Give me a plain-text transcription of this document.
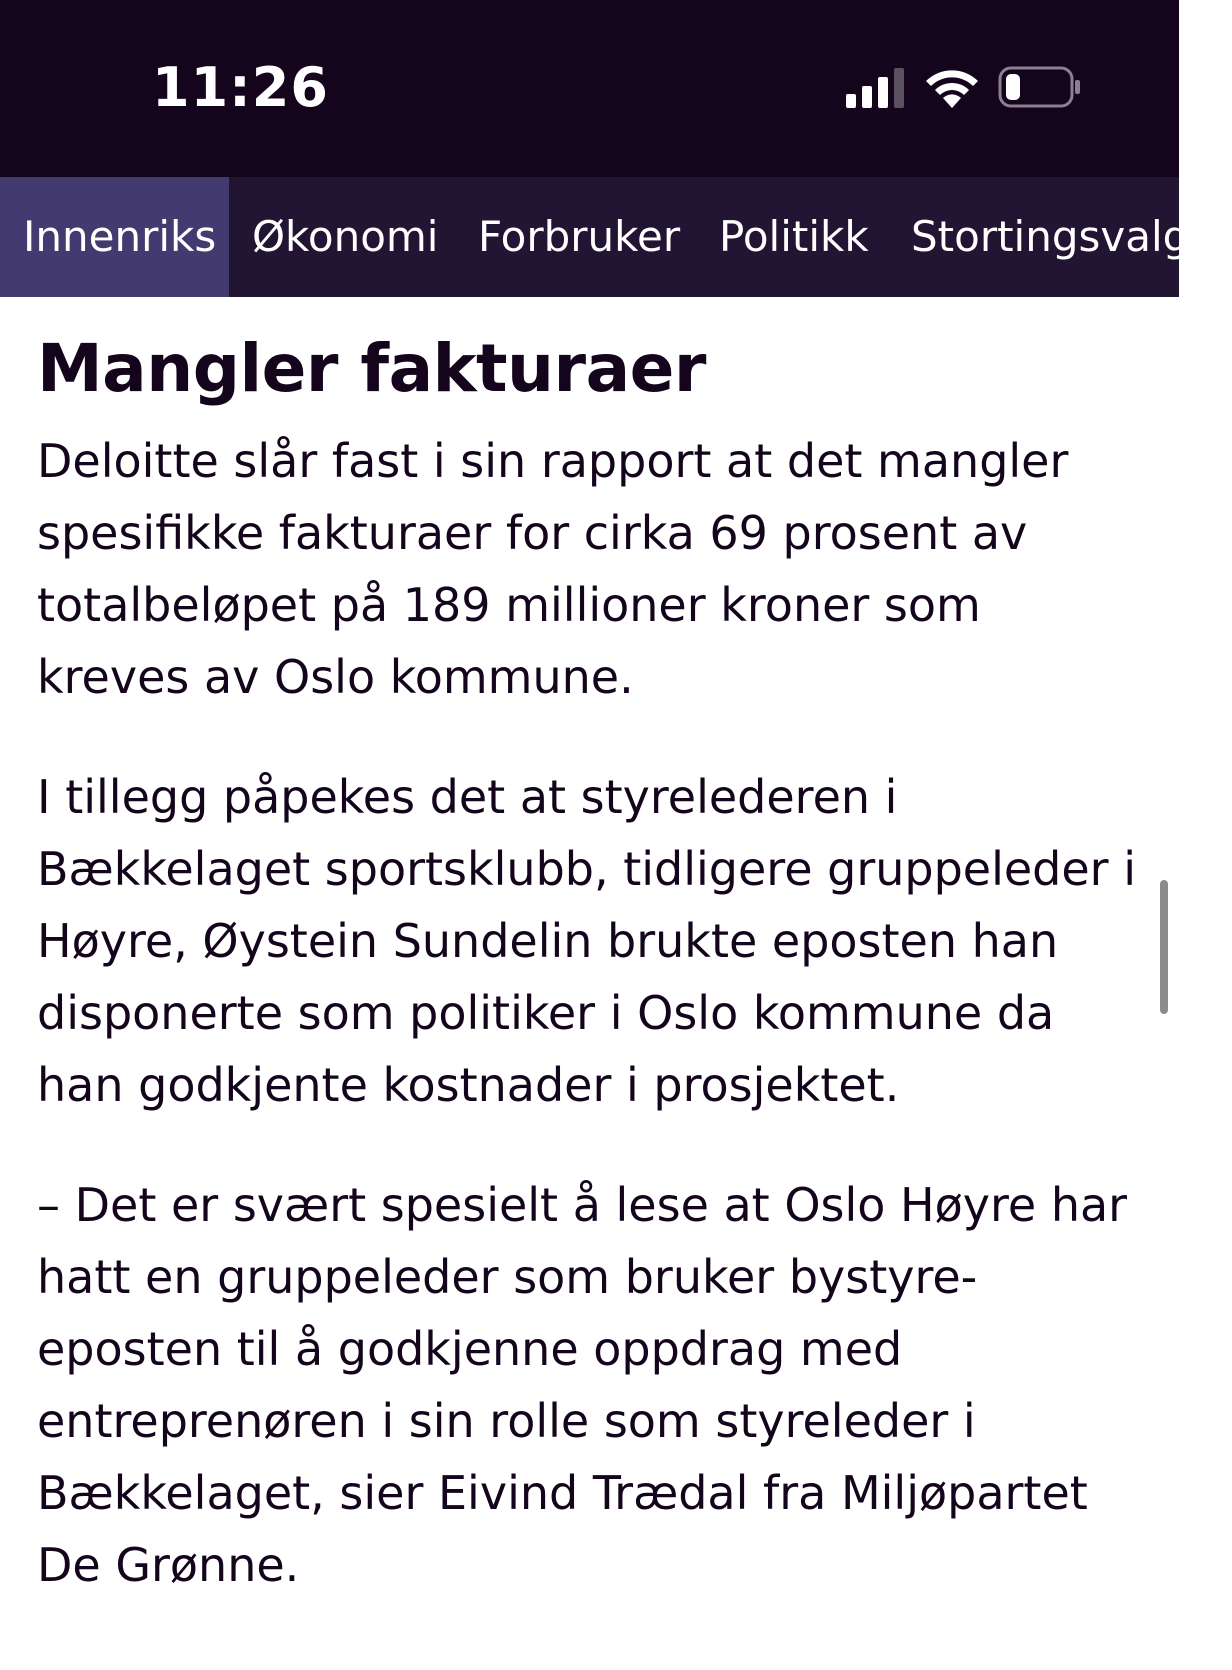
11:26
Innenriks Økonomi Forbruker Politikk Stortingsvalget
Mangler fakturaer

Deloitte slår fast i sin rapport at det mangler spesifikke fakturaer for cirka 69 prosent av totalbeløpet på 189 millioner kroner som kreves av Oslo kommune.

I tillegg påpekes det at styrelederen i Bækkelaget sportsklubb, tidligere gruppeleder i Høyre, Øystein Sundelin brukte eposten han disponerte som politiker i Oslo kommune da han godkjente kostnader i prosjektet.

– Det er svært spesielt å lese at Oslo Høyre har hatt en gruppeleder som bruker bystyre-eposten til å godkjenne oppdrag med entreprenøren i sin rolle som styreleder i Bækkelaget, sier Eivind Trædal fra Miljøpartet De Grønne.
